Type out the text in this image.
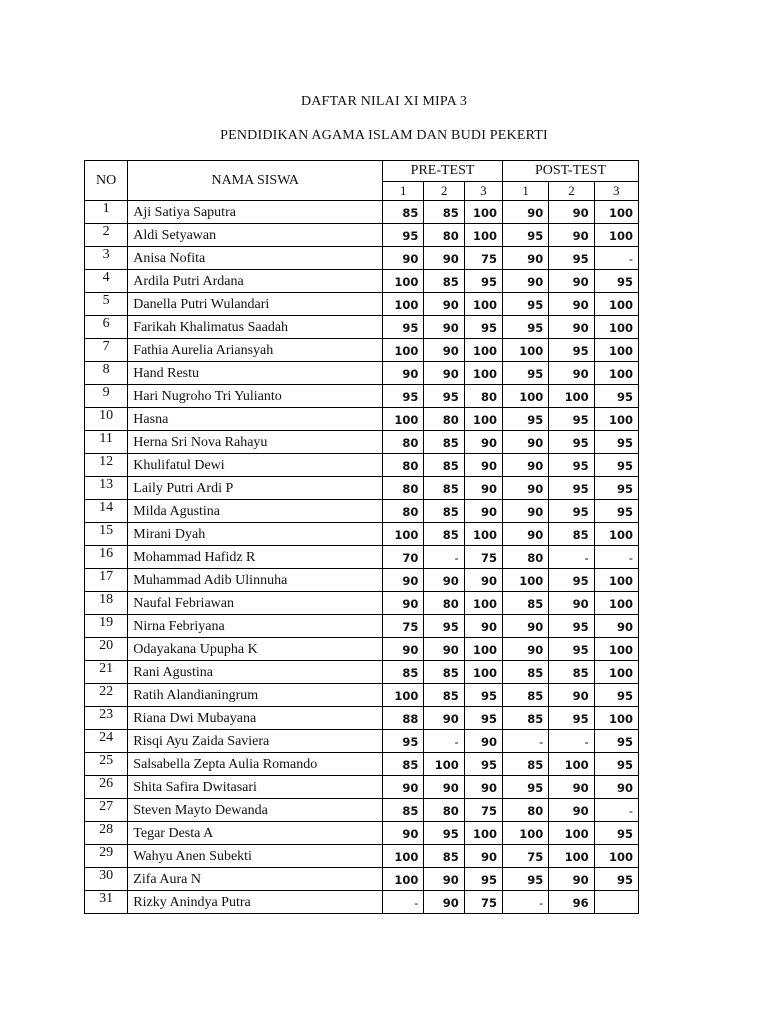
DAFTAR NILAI XI MIPA 3
PENDIDIKAN AGAMA ISLAM DAN BUDI PEKERTI
NO	NAMA SISWA	PRE-TEST			POST-TEST		
		1	2	3	1	2	3
1	Aji Satiya Saputra	85	85	100	90	90	100
2	Aldi Setyawan	95	80	100	95	90	100
3	Anisa Nofita	90	90	75	90	95	-
4	Ardila Putri Ardana	100	85	95	90	90	95
5	Danella Putri Wulandari	100	90	100	95	90	100
6	Farikah Khalimatus Saadah	95	90	95	95	90	100
7	Fathia Aurelia Ariansyah	100	90	100	100	95	100
8	Hand Restu	90	90	100	95	90	100
9	Hari Nugroho Tri Yulianto	95	95	80	100	100	95
10	Hasna	100	80	100	95	95	100
11	Herna Sri Nova Rahayu	80	85	90	90	95	95
12	Khulifatul Dewi	80	85	90	90	95	95
13	Laily Putri Ardi P	80	85	90	90	95	95
14	Milda Agustina	80	85	90	90	95	95
15	Mirani Dyah	100	85	100	90	85	100
16	Mohammad Hafidz R	70	-	75	80	-	-
17	Muhammad Adib Ulinnuha	90	90	90	100	95	100
18	Naufal Febriawan	90	80	100	85	90	100
19	Nirna Febriyana	75	95	90	90	95	90
20	Odayakana Upupha K	90	90	100	90	95	100
21	Rani Agustina	85	85	100	85	85	100
22	Ratih Alandianingrum	100	85	95	85	90	95
23	Riana Dwi Mubayana	88	90	95	85	95	100
24	Risqi Ayu Zaida Saviera	95	-	90	-	-	95
25	Salsabella Zepta Aulia Romando	85	100	95	85	100	95
26	Shita Safira Dwitasari	90	90	90	95	90	90
27	Steven Mayto Dewanda	85	80	75	80	90	-
28	Tegar Desta A	90	95	100	100	100	95
29	Wahyu Anen Subekti	100	85	90	75	100	100
30	Zifa Aura N	100	90	95	95	90	95
31	Rizky Anindya Putra	-	90	75	-	96	
